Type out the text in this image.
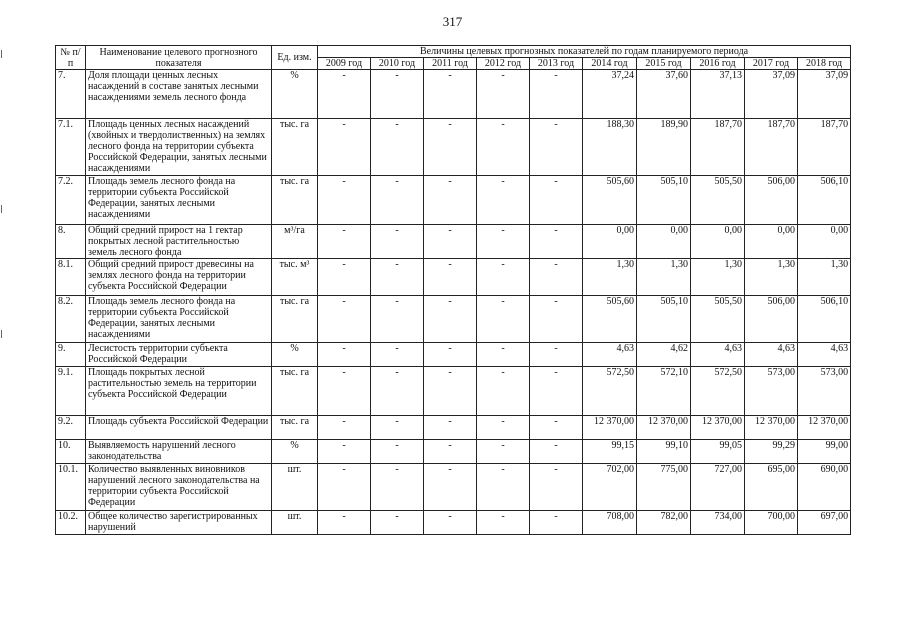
317
№ п/п	Наименование целевого прогнозного показателя	Ед. изм.	Величины целевых прогнозных показателей по годам планируемого периода									
			2009 год	2010 год	2011 год	2012 год	2013 год	2014 год	2015 год	2016 год	2017 год	2018 год
7.	Доля площади ценных лесных насаждений в составе занятых лесными насаждениями земель лесного фонда	%	-	-	-	-	-	37,24	37,60	37,13	37,09	37,09
7.1.	Площадь ценных лесных насаждений (хвойных и твердолиственных) на землях лесного фонда на территории субъекта Российской Федерации, занятых лесными насаждениями	тыс. га	-	-	-	-	-	188,30	189,90	187,70	187,70	187,70
7.2.	Площадь земель лесного фонда на территории субъекта Российской Федерации, занятых лесными насаждениями	тыс. га	-	-	-	-	-	505,60	505,10	505,50	506,00	506,10
8.	Общий средний прирост на 1 гектар покрытых лесной растительностью земель лесного фонда	м³/га	-	-	-	-	-	0,00	0,00	0,00	0,00	0,00
8.1.	Общий средний прирост древесины на землях лесного фонда на территории субъекта Российской Федерации	тыс. м³	-	-	-	-	-	1,30	1,30	1,30	1,30	1,30
8.2.	Площадь земель лесного фонда на территории субъекта Российской Федерации, занятых лесными насаждениями	тыс. га	-	-	-	-	-	505,60	505,10	505,50	506,00	506,10
9.	Лесистость территории субъекта Российской Федерации	%	-	-	-	-	-	4,63	4,62	4,63	4,63	4,63
9.1.	Площадь покрытых лесной растительностью земель на территории субъекта Российской Федерации	тыс. га	-	-	-	-	-	572,50	572,10	572,50	573,00	573,00
9.2.	Площадь субъекта Российской Федерации	тыс. га	-	-	-	-	-	12 370,00	12 370,00	12 370,00	12 370,00	12 370,00
10.	Выявляемость нарушений лесного законодательства	%	-	-	-	-	-	99,15	99,10	99,05	99,29	99,00
10.1.	Количество выявленных виновников нарушений лесного законодательства на территории субъекта Российской Федерации	шт.	-	-	-	-	-	702,00	775,00	727,00	695,00	690,00
10.2.	Общее количество зарегистрированных нарушений	шт.	-	-	-	-	-	708,00	782,00	734,00	700,00	697,00
